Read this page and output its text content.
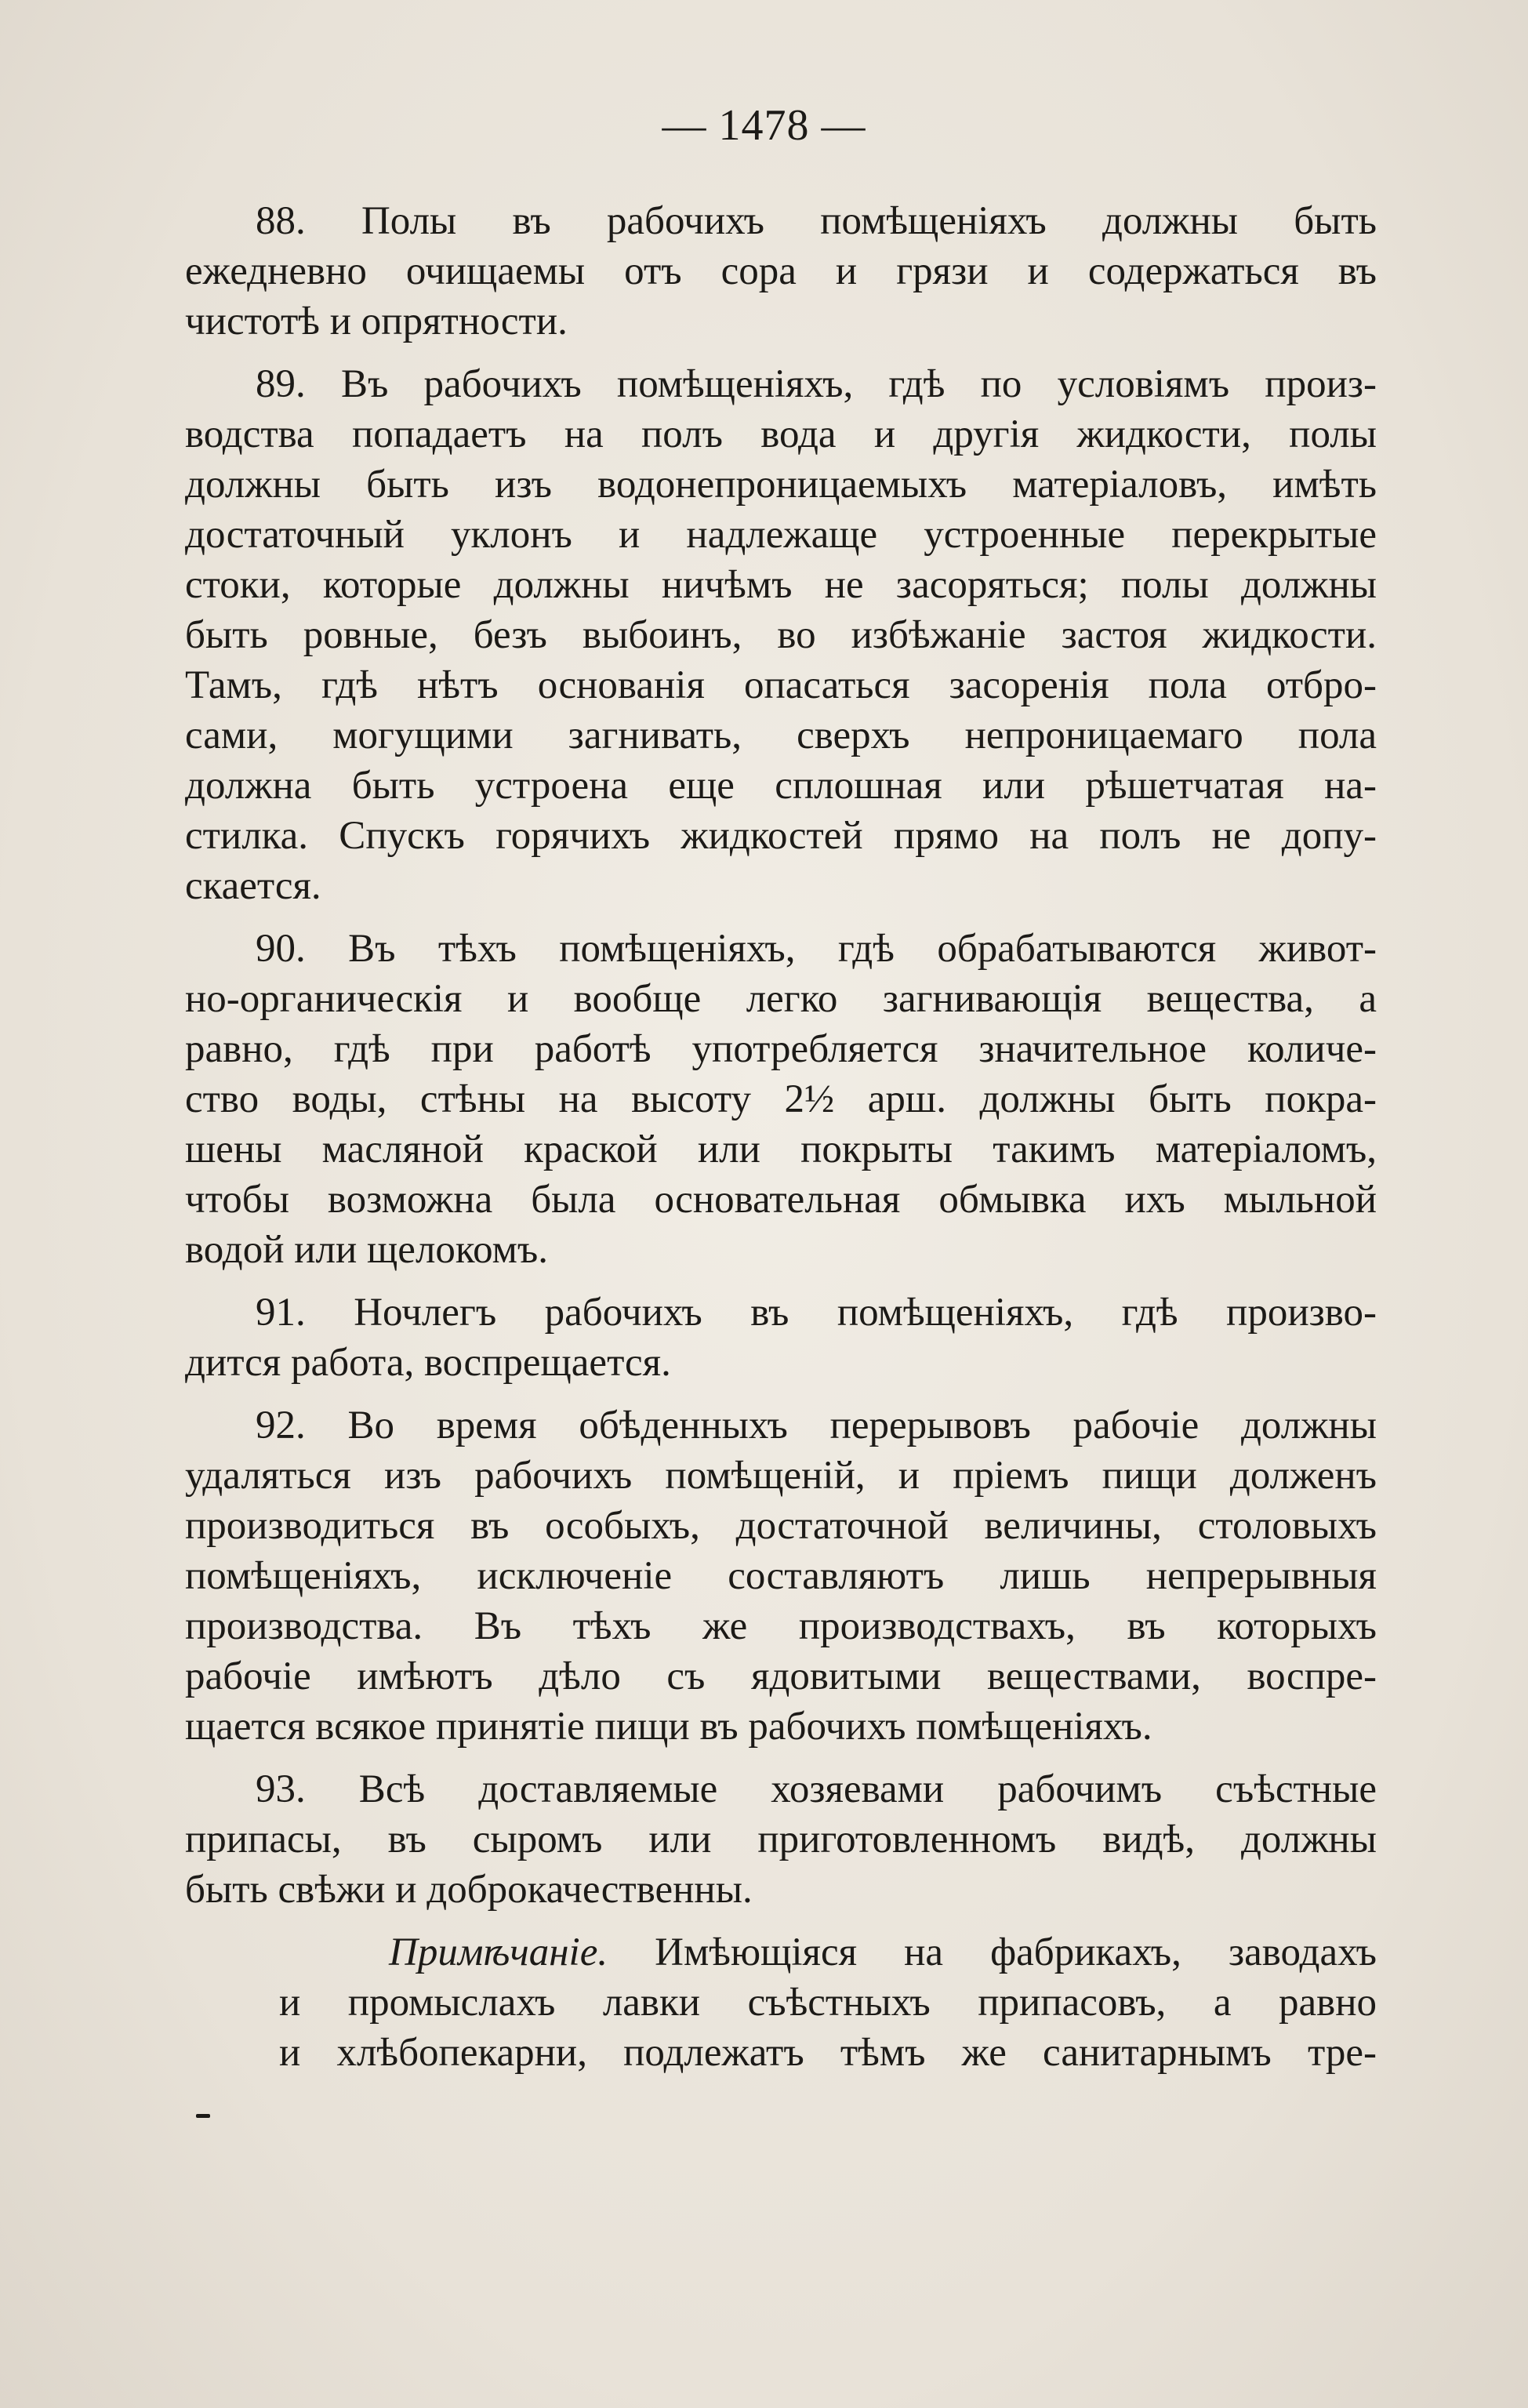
— 1478 —
88. Полы въ рабочихъ помѣщеніяхъ должны быть
ежедневно очищаемы отъ сора и грязи и содержаться въ
чистотѣ и опрятности.
89. Въ рабочихъ помѣщеніяхъ, гдѣ по условіямъ произ-
водства попадаетъ на полъ вода и другія жидкости, полы
должны быть изъ водонепроницаемыхъ матеріаловъ, имѣть
достаточный уклонъ и надлежаще устроенные перекрытые
стоки, которые должны ничѣмъ не засоряться; полы должны
быть ровные, безъ выбоинъ, во избѣжаніе застоя жидкости.
Тамъ, гдѣ нѣтъ основанія опасаться засоренія пола отбро-
сами, могущими загнивать, сверхъ непроницаемаго пола
должна быть устроена еще сплошная или рѣшетчатая на-
стилка. Спускъ горячихъ жидкостей прямо на полъ не допу-
скается.
90. Въ тѣхъ помѣщеніяхъ, гдѣ обрабатываются живот-
но-органическія и вообще легко загнивающія вещества, а
равно, гдѣ при работѣ употребляется значительное количе-
ство воды, стѣны на высоту 2½ арш. должны быть покра-
шены масляной краской или покрыты такимъ матеріаломъ,
чтобы возможна была основательная обмывка ихъ мыльной
водой или щелокомъ.
91. Ночлегъ рабочихъ въ помѣщеніяхъ, гдѣ произво-
дится работа, воспрещается.
92. Во время обѣденныхъ перерывовъ рабочіе должны
удаляться изъ рабочихъ помѣщеній, и пріемъ пищи долженъ
производиться въ особыхъ, достаточной величины, столовыхъ
помѣщеніяхъ, исключеніе составляютъ лишь непрерывныя
производства. Въ тѣхъ же производствахъ, въ которыхъ
рабочіе имѣютъ дѣло съ ядовитыми веществами, воспре-
щается всякое принятіе пищи въ рабочихъ помѣщеніяхъ.
93. Всѣ доставляемые хозяевами рабочимъ съѣстные
припасы, въ сыромъ или приготовленномъ видѣ, должны
быть свѣжи и доброкачественны.
Примѣчаніе. Имѣющіяся на фабрикахъ, заводахъ
и промыслахъ лавки съѣстныхъ припасовъ, а равно
и хлѣбопекарни, подлежатъ тѣмъ же санитарнымъ тре-
